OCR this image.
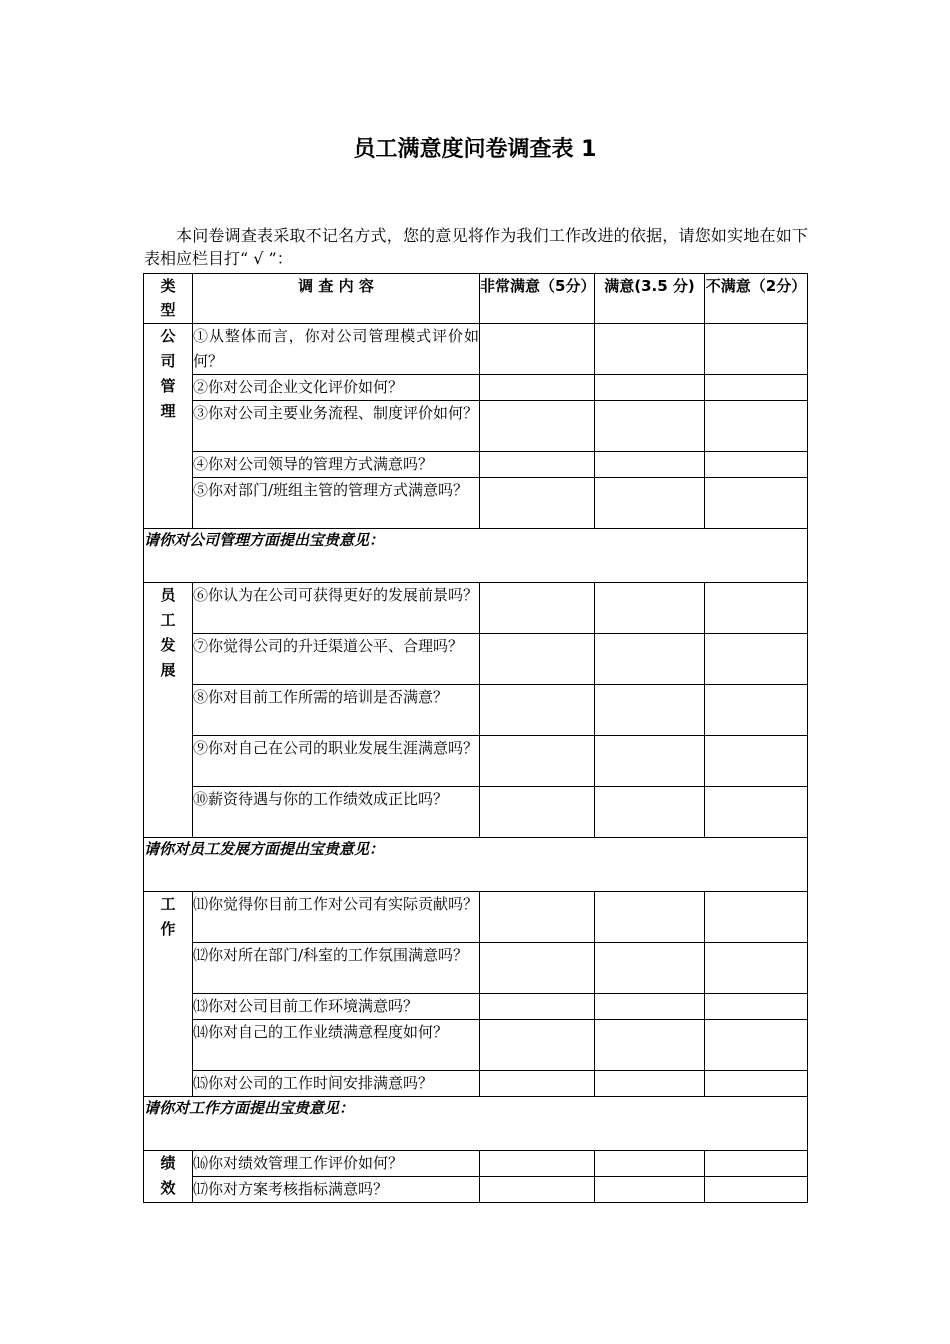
员工满意度问卷调查表 1
本问卷调查表采取不记名方式，您的意见将作为我们工作改进的依据，请您如实地在如下表相应栏目打“ √ ”：
类
型	调 查 内 容	非常满意（5分）	满意(3.5 分)	不满意（2分）

公
司
管
理	①从整体而言，你对公司管理模式评价如何？			
	②你对公司企业文化评价如何？			
	③你对公司主要业务流程、制度评价如何？			
	④你对公司领导的管理方式满意吗？			
	⑤你对部门/班组主管的管理方式满意吗？			
请你对公司管理方面提出宝贵意见：				

员
工
发
展	⑥你认为在公司可获得更好的发展前景吗？			
	⑦你觉得公司的升迁渠道公平、合理吗？			
	⑧你对目前工作所需的培训是否满意？			
	⑨你对自己在公司的职业发展生涯满意吗？			
	⑩薪资待遇与你的工作绩效成正比吗？			
请你对员工发展方面提出宝贵意见：				

工
作	⑾你觉得你目前工作对公司有实际贡献吗？			
	⑿你对所在部门/科室的工作氛围满意吗？			
	⒀你对公司目前工作环境满意吗？			
	⒁你对自己的工作业绩满意程度如何？			
	⒂你对公司的工作时间安排满意吗？			
请你对工作方面提出宝贵意见：				

绩
效	⒃你对绩效管理工作评价如何？			
	⒄你对方案考核指标满意吗？			
